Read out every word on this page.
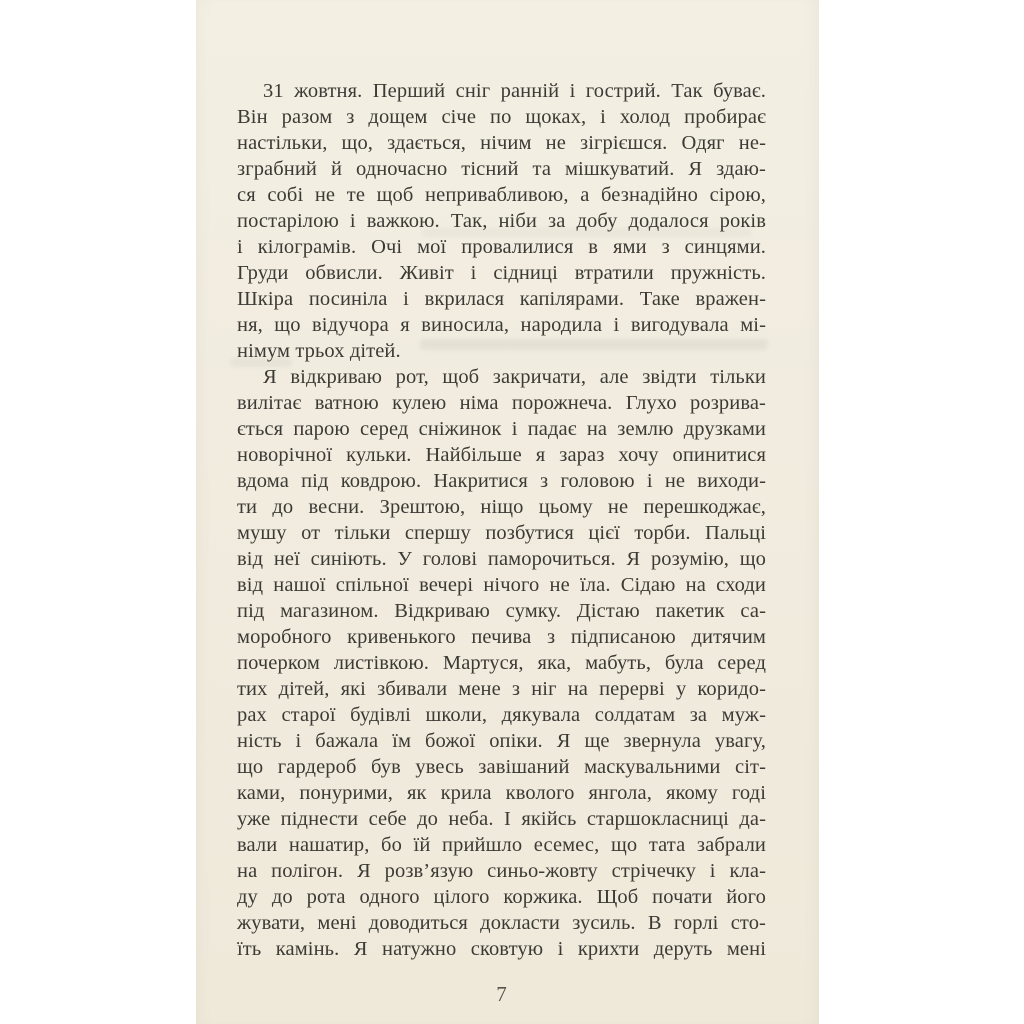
31 жовтня. Перший сніг ранній і гострий. Так буває.
Він разом з дощем січе по щоках, і холод пробирає
настільки, що, здається, нічим не зігрієшся. Одяг не-
зграбний й одночасно тісний та мішкуватий. Я здаю-
ся собі не те щоб непривабливою, а безнадійно сірою,
постарілою і важкою. Так, ніби за добу додалося років
і кілограмів. Очі мої провалилися в ями з синцями.
Груди обвисли. Живіт і сідниці втратили пружність.
Шкіра посиніла і вкрилася капілярами. Таке вражен-
ня, що відучора я виносила, народила і вигодувала мі-
німум трьох дітей.
Я відкриваю рот, щоб закричати, але звідти тільки
вилітає ватною кулею німа порожнеча. Глухо розрива-
ється парою серед сніжинок і падає на землю друзками
новорічної кульки. Найбільше я зараз хочу опинитися
вдома під ковдрою. Накритися з головою і не виходи-
ти до весни. Зрештою, ніщо цьому не перешкоджає,
мушу от тільки спершу позбутися цієї торби. Пальці
від неї синіють. У голові паморочиться. Я розумію, що
від нашої спільної вечері нічого не їла. Сідаю на сходи
під магазином. Відкриваю сумку. Дістаю пакетик са-
моробного кривенького печива з підписаною дитячим
почерком листівкою. Мартуся, яка, мабуть, була серед
тих дітей, які збивали мене з ніг на перерві у коридо-
рах старої будівлі школи, дякувала солдатам за муж-
ність і бажала їм божої опіки. Я ще звернула увагу,
що гардероб був увесь завішаний маскувальними сіт-
ками, понурими, як крила кволого янгола, якому годі
уже піднести себе до неба. І якійсь старшокласниці да-
вали нашатир, бо їй прийшло есемес, що тата забрали
на полігон. Я розв’язую синьо-жовту стрічечку і кла-
ду до рота одного цілого коржика. Щоб почати його
жувати, мені доводиться докласти зусиль. В горлі сто-
їть камінь. Я натужно сковтую і крихти деруть мені
7
